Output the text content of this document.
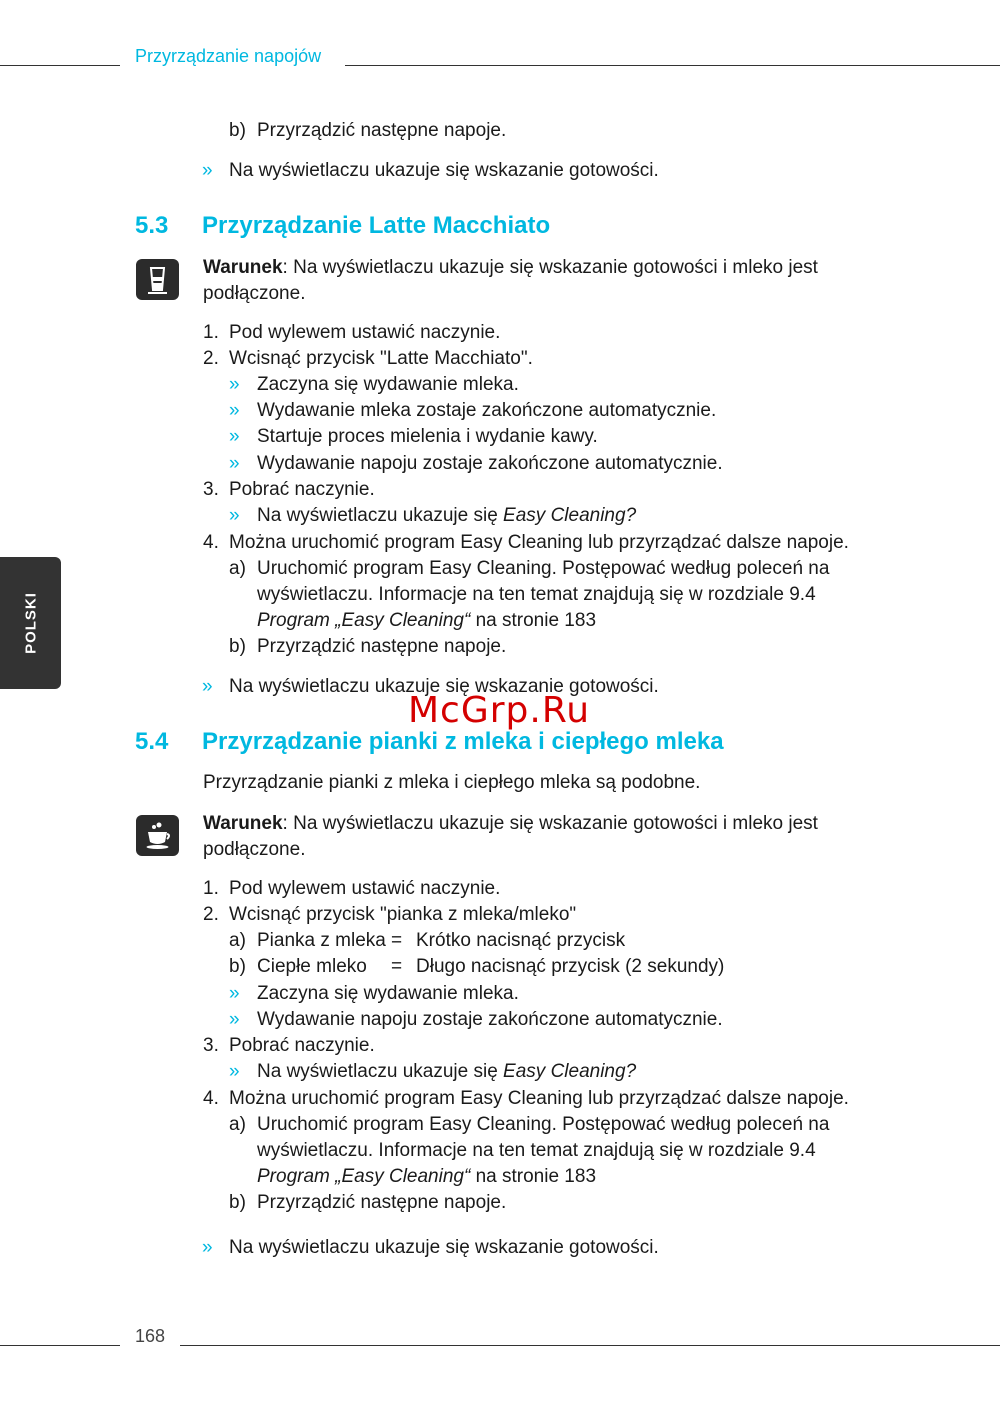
Przyrządzanie napojów
POLSKI
b) Przyrządzić następne napoje.
» Na wyświetlaczu ukazuje się wskazanie gotowości.
5.3 Przyrządzanie Latte Macchiato
Warunek: Na wyświetlaczu ukazuje się wskazanie gotowości i mleko jest
podłączone.
1. Pod wylewem ustawić naczynie.
2. Wcisnąć przycisk "Latte Macchiato".
» Zaczyna się wydawanie mleka.
» Wydawanie mleka zostaje zakończone automatycznie.
» Startuje proces mielenia i wydanie kawy.
» Wydawanie napoju zostaje zakończone automatycznie.
3. Pobrać naczynie.
» Na wyświetlaczu ukazuje się Easy Cleaning?
4. Można uruchomić program Easy Cleaning lub przyrządzać dalsze napoje.
a) Uruchomić program Easy Cleaning. Postępować według poleceń na
wyświetlaczu. Informacje na ten temat znajdują się w rozdziale 9.4
Program „Easy Cleaning“ na stronie 183
b) Przyrządzić następne napoje.
» Na wyświetlaczu ukazuje się wskazanie gotowości.
McGrp.Ru
5.4 Przyrządzanie pianki z mleka i ciepłego mleka
Przyrządzanie pianki z mleka i ciepłego mleka są podobne.
Warunek: Na wyświetlaczu ukazuje się wskazanie gotowości i mleko jest
podłączone.
1. Pod wylewem ustawić naczynie.
2. Wcisnąć przycisk "pianka z mleka/mleko"
a) Pianka z mleka = Krótko nacisnąć przycisk
b) Ciepłe mleko = Długo nacisnąć przycisk (2 sekundy)
» Zaczyna się wydawanie mleka.
» Wydawanie napoju zostaje zakończone automatycznie.
3. Pobrać naczynie.
» Na wyświetlaczu ukazuje się Easy Cleaning?
4. Można uruchomić program Easy Cleaning lub przyrządzać dalsze napoje.
a) Uruchomić program Easy Cleaning. Postępować według poleceń na
wyświetlaczu. Informacje na ten temat znajdują się w rozdziale 9.4
Program „Easy Cleaning“ na stronie 183
b) Przyrządzić następne napoje.
» Na wyświetlaczu ukazuje się wskazanie gotowości.
168
